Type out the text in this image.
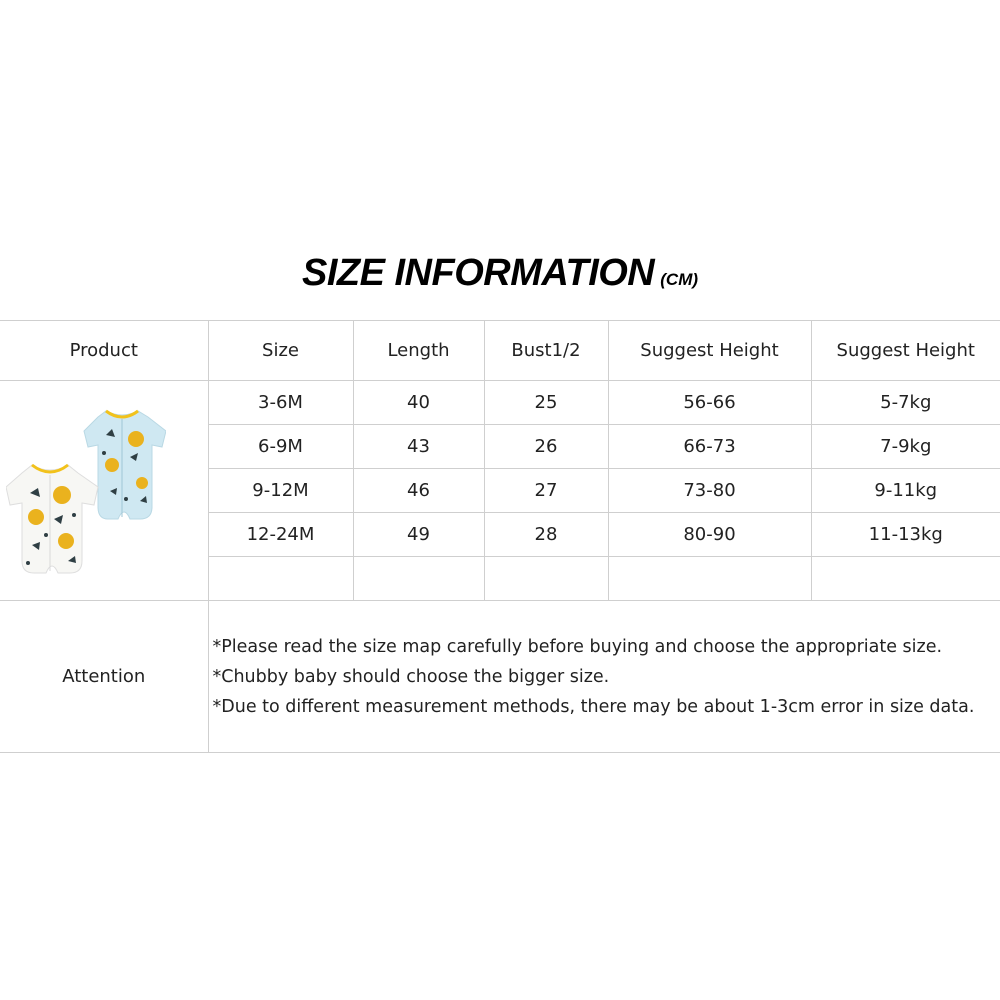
SIZE INFORMATION (CM)
Product	Size	Length	Bust1/2	Suggest Height	Suggest Height

	3-6M	40	25	56-66	5-7kg
	6-9M	43	26	66-73	7-9kg
	9-12M	46	27	73-80	9-11kg
	12-24M	49	28	80-90	11-13kg

Attention	*Please read the size map carefully before buying and choose the appropriate size.
*Chubby baby should choose the bigger size.
*Due to different measurement methods, there may be about 1-3cm error in size data.				
